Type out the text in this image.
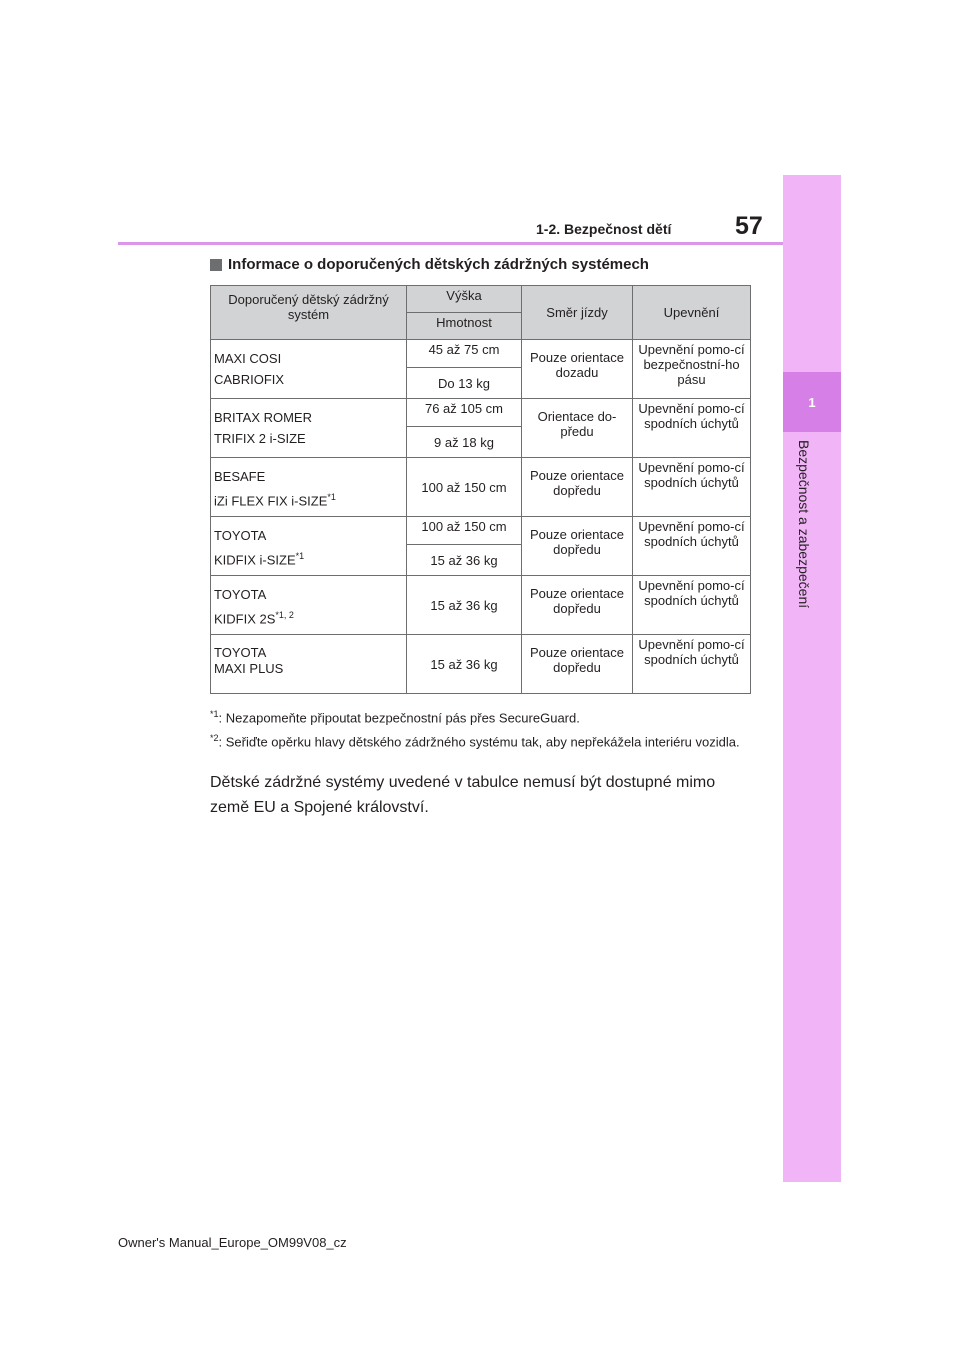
1
Bezpečnost a zabezpečení
57
1-2. Bezpečnost dětí
Informace o doporučených dětských zádržných systémech
Doporučený dětský zádržný systém	Výška	Směr jízdy	Upevnění
	Hmotnost		

MAXI COSI
CABRIOFIX	45 až 75 cm	Pouze orientace dozadu	Upevnění pomo-cí bezpečnostní-ho pásu
	Do 13 kg		

BRITAX ROMER
TRIFIX 2 i-SIZE	76 až 105 cm	Orientace do-předu	Upevnění pomo-cí spodních úchytů
	9 až 18 kg		

BESAFE
iZi FLEX FIX i-SIZE$^{*1}$	100 až 150 cm	Pouze orientace dopředu	Upevnění pomo-cí spodních úchytů

TOYOTA
KIDFIX i-SIZE$^{*1}$	100 až 150 cm	Pouze orientace dopředu	Upevnění pomo-cí spodních úchytů
	15 až 36 kg		

TOYOTA
KIDFIX $2S^{*1, 2}$	15 až 36 kg	Pouze orientace dopředu	Upevnění pomo-cí spodních úchytů

TOYOTA
MAXI PLUS	15 až 36 kg	Pouze orientace dopředu	Upevnění pomo-cí spodních úchytů
$^{*1}$: Nezapomeňte připoutat bezpečnostní pás přes SecureGuard.
$^{*2}$: Seřiďte opěrku hlavy dětského zádržného systému tak, aby nepřekážela interiéru vozidla.
Dětské zádržné systémy uvedené v tabulce nemusí být dostupné mimo země EU a Spojené království.
Owner's Manual_Europe_OM99V08_cz
